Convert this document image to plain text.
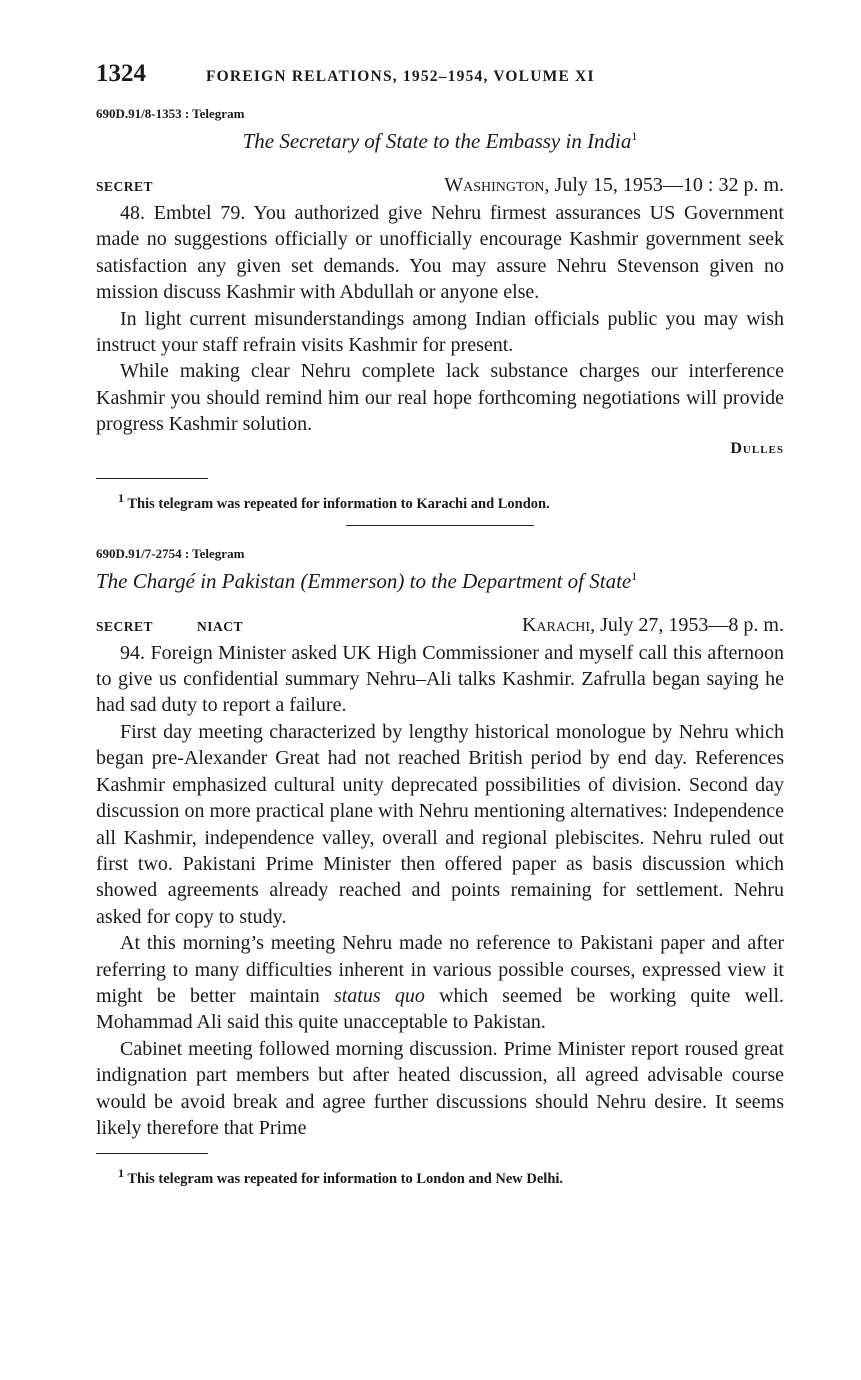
1324	FOREIGN RELATIONS, 1952–1954, VOLUME XI
690D.91/8-1353 : Telegram
The Secretary of State to the Embassy in India$^1$
SECRET	Washington, July 15, 1953—10 : 32 p. m.

48. Embtel 79. You authorized give Nehru firmest assurances US Government made no suggestions officially or unofficially encourage Kashmir government seek satisfaction any given set demands. You may assure Nehru Stevenson given no mission discuss Kashmir with Abdullah or anyone else.

In light current misunderstandings among Indian officials public you may wish instruct your staff refrain visits Kashmir for present.

While making clear Nehru complete lack substance charges our interference Kashmir you should remind him our real hope forthcoming negotiations will provide progress Kashmir solution.

Dulles
$^1$ This telegram was repeated for information to Karachi and London.
690D.91/7-2754 : Telegram
The Chargé in Pakistan (Emmerson) to the Department of State$^1$
SECRET	NIACT	Karachi, July 27, 1953—8 p. m.

94. Foreign Minister asked UK High Commissioner and myself call this afternoon to give us confidential summary Nehru–Ali talks Kashmir. Zafrulla began saying he had sad duty to report a failure.

First day meeting characterized by lengthy historical monologue by Nehru which began pre-Alexander Great had not reached British period by end day. References Kashmir emphasized cultural unity deprecated possibilities of division. Second day discussion on more practical plane with Nehru mentioning alternatives: Independence all Kashmir, independence valley, overall and regional plebiscites. Nehru ruled out first two. Pakistani Prime Minister then offered paper as basis discussion which showed agreements already reached and points remaining for settlement. Nehru asked for copy to study.

At this morning’s meeting Nehru made no reference to Pakistani paper and after referring to many difficulties inherent in various possible courses, expressed view it might be better maintain status quo which seemed be working quite well. Mohammad Ali said this quite unacceptable to Pakistan.

Cabinet meeting followed morning discussion. Prime Minister report roused great indignation part members but after heated discussion, all agreed advisable course would be avoid break and agree further discussions should Nehru desire. It seems likely therefore that Prime

$^1$ This telegram was repeated for information to London and New Delhi.
